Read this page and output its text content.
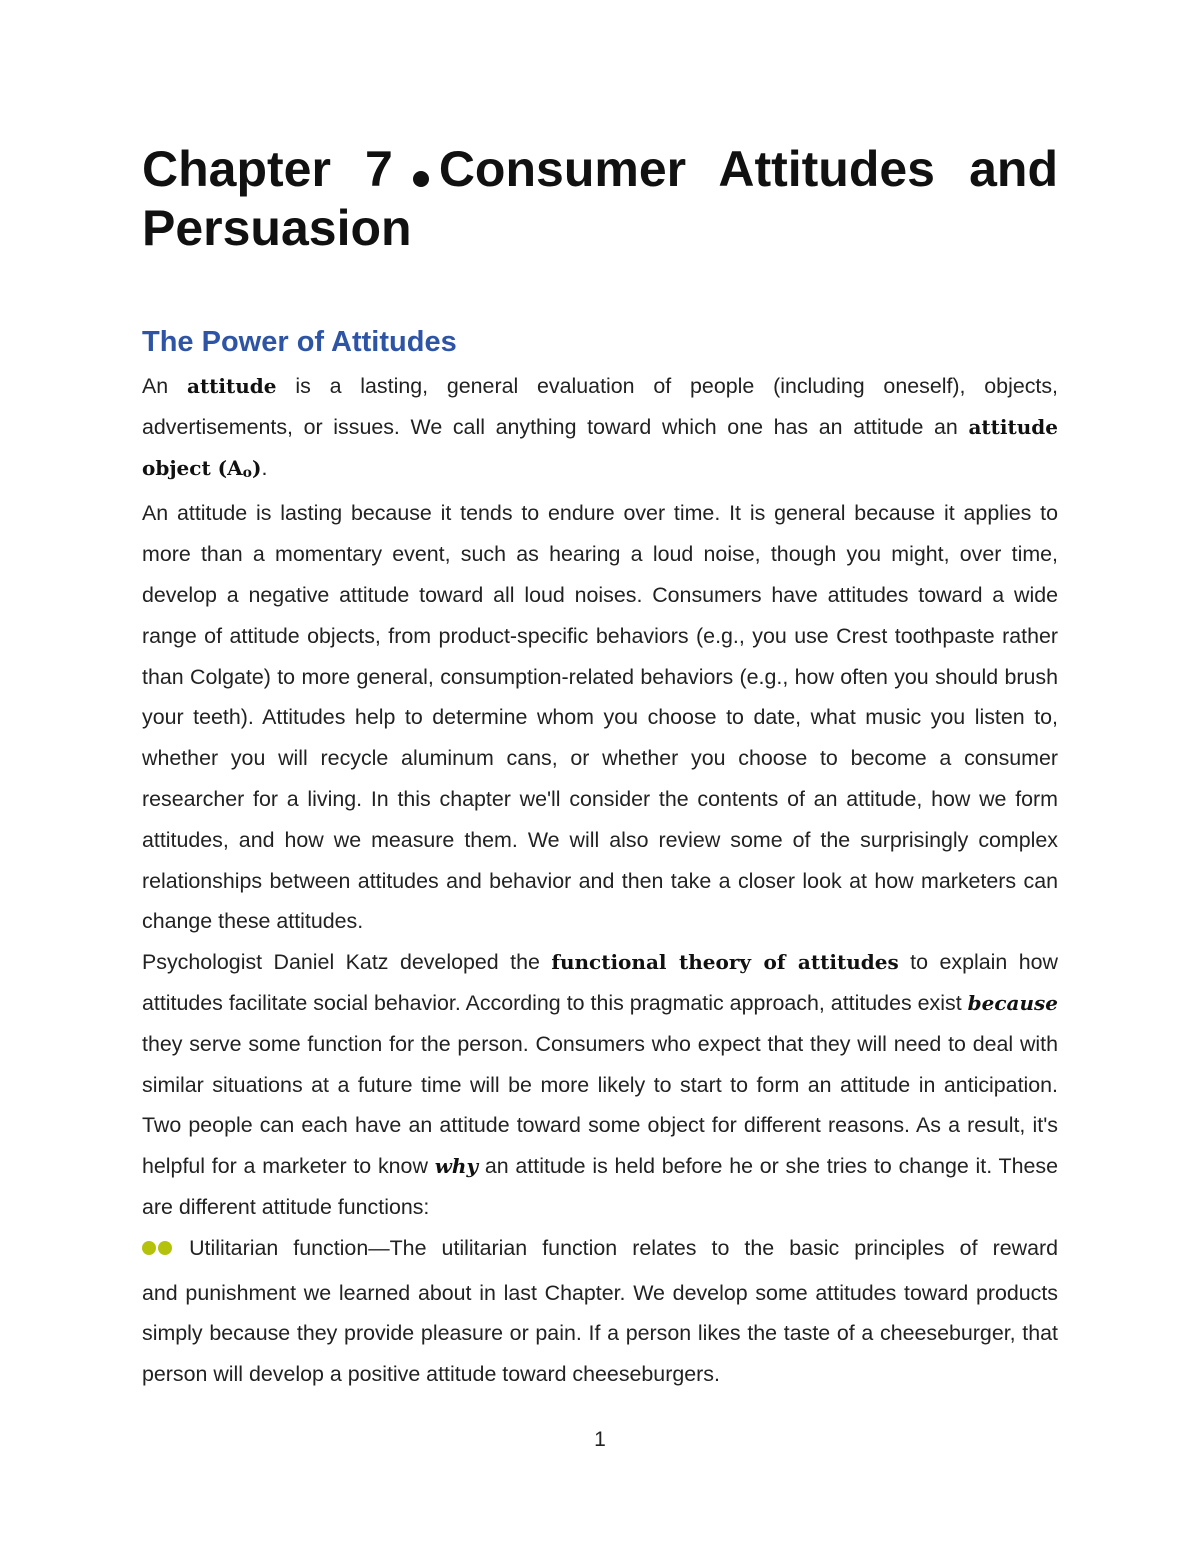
Chapter 7 Consumer Attitudes and
Persuasion
The Power of Attitudes

An attitude is a lasting, general evaluation of people (including oneself), objects, advertisements, or issues. We call anything toward which one has an attitude an attitude object (Ao).

An attitude is lasting because it tends to endure over time. It is general because it applies to more than a momentary event, such as hearing a loud noise, though you might, over time, develop a negative attitude toward all loud noises. Consumers have attitudes toward a wide range of attitude objects, from product-specific behaviors (e.g., you use Crest toothpaste rather than Colgate) to more general, consumption-related behaviors (e.g., how often you should brush your teeth). Attitudes help to determine whom you choose to date, what music you listen to, whether you will recycle aluminum cans, or whether you choose to become a consumer researcher for a living. In this chapter we'll consider the contents of an attitude, how we form attitudes, and how we measure them. We will also review some of the surprisingly complex relationships between attitudes and behavior and then take a closer look at how marketers can change these attitudes.

Psychologist Daniel Katz developed the functional theory of attitudes to explain how attitudes facilitate social behavior. According to this pragmatic approach, attitudes exist because they serve some function for the person. Consumers who expect that they will need to deal with similar situations at a future time will be more likely to start to form an attitude in anticipation. Two people can each have an attitude toward some object for different reasons. As a result, it's helpful for a marketer to know why an attitude is held before he or she tries to change it. These are different attitude functions:

Utilitarian function—The utilitarian function relates to the basic principles of reward
and punishment we learned about in last Chapter. We develop some attitudes toward products simply because they provide pleasure or pain. If a person likes the taste of a cheeseburger, that person will develop a positive attitude toward cheeseburgers.
1
